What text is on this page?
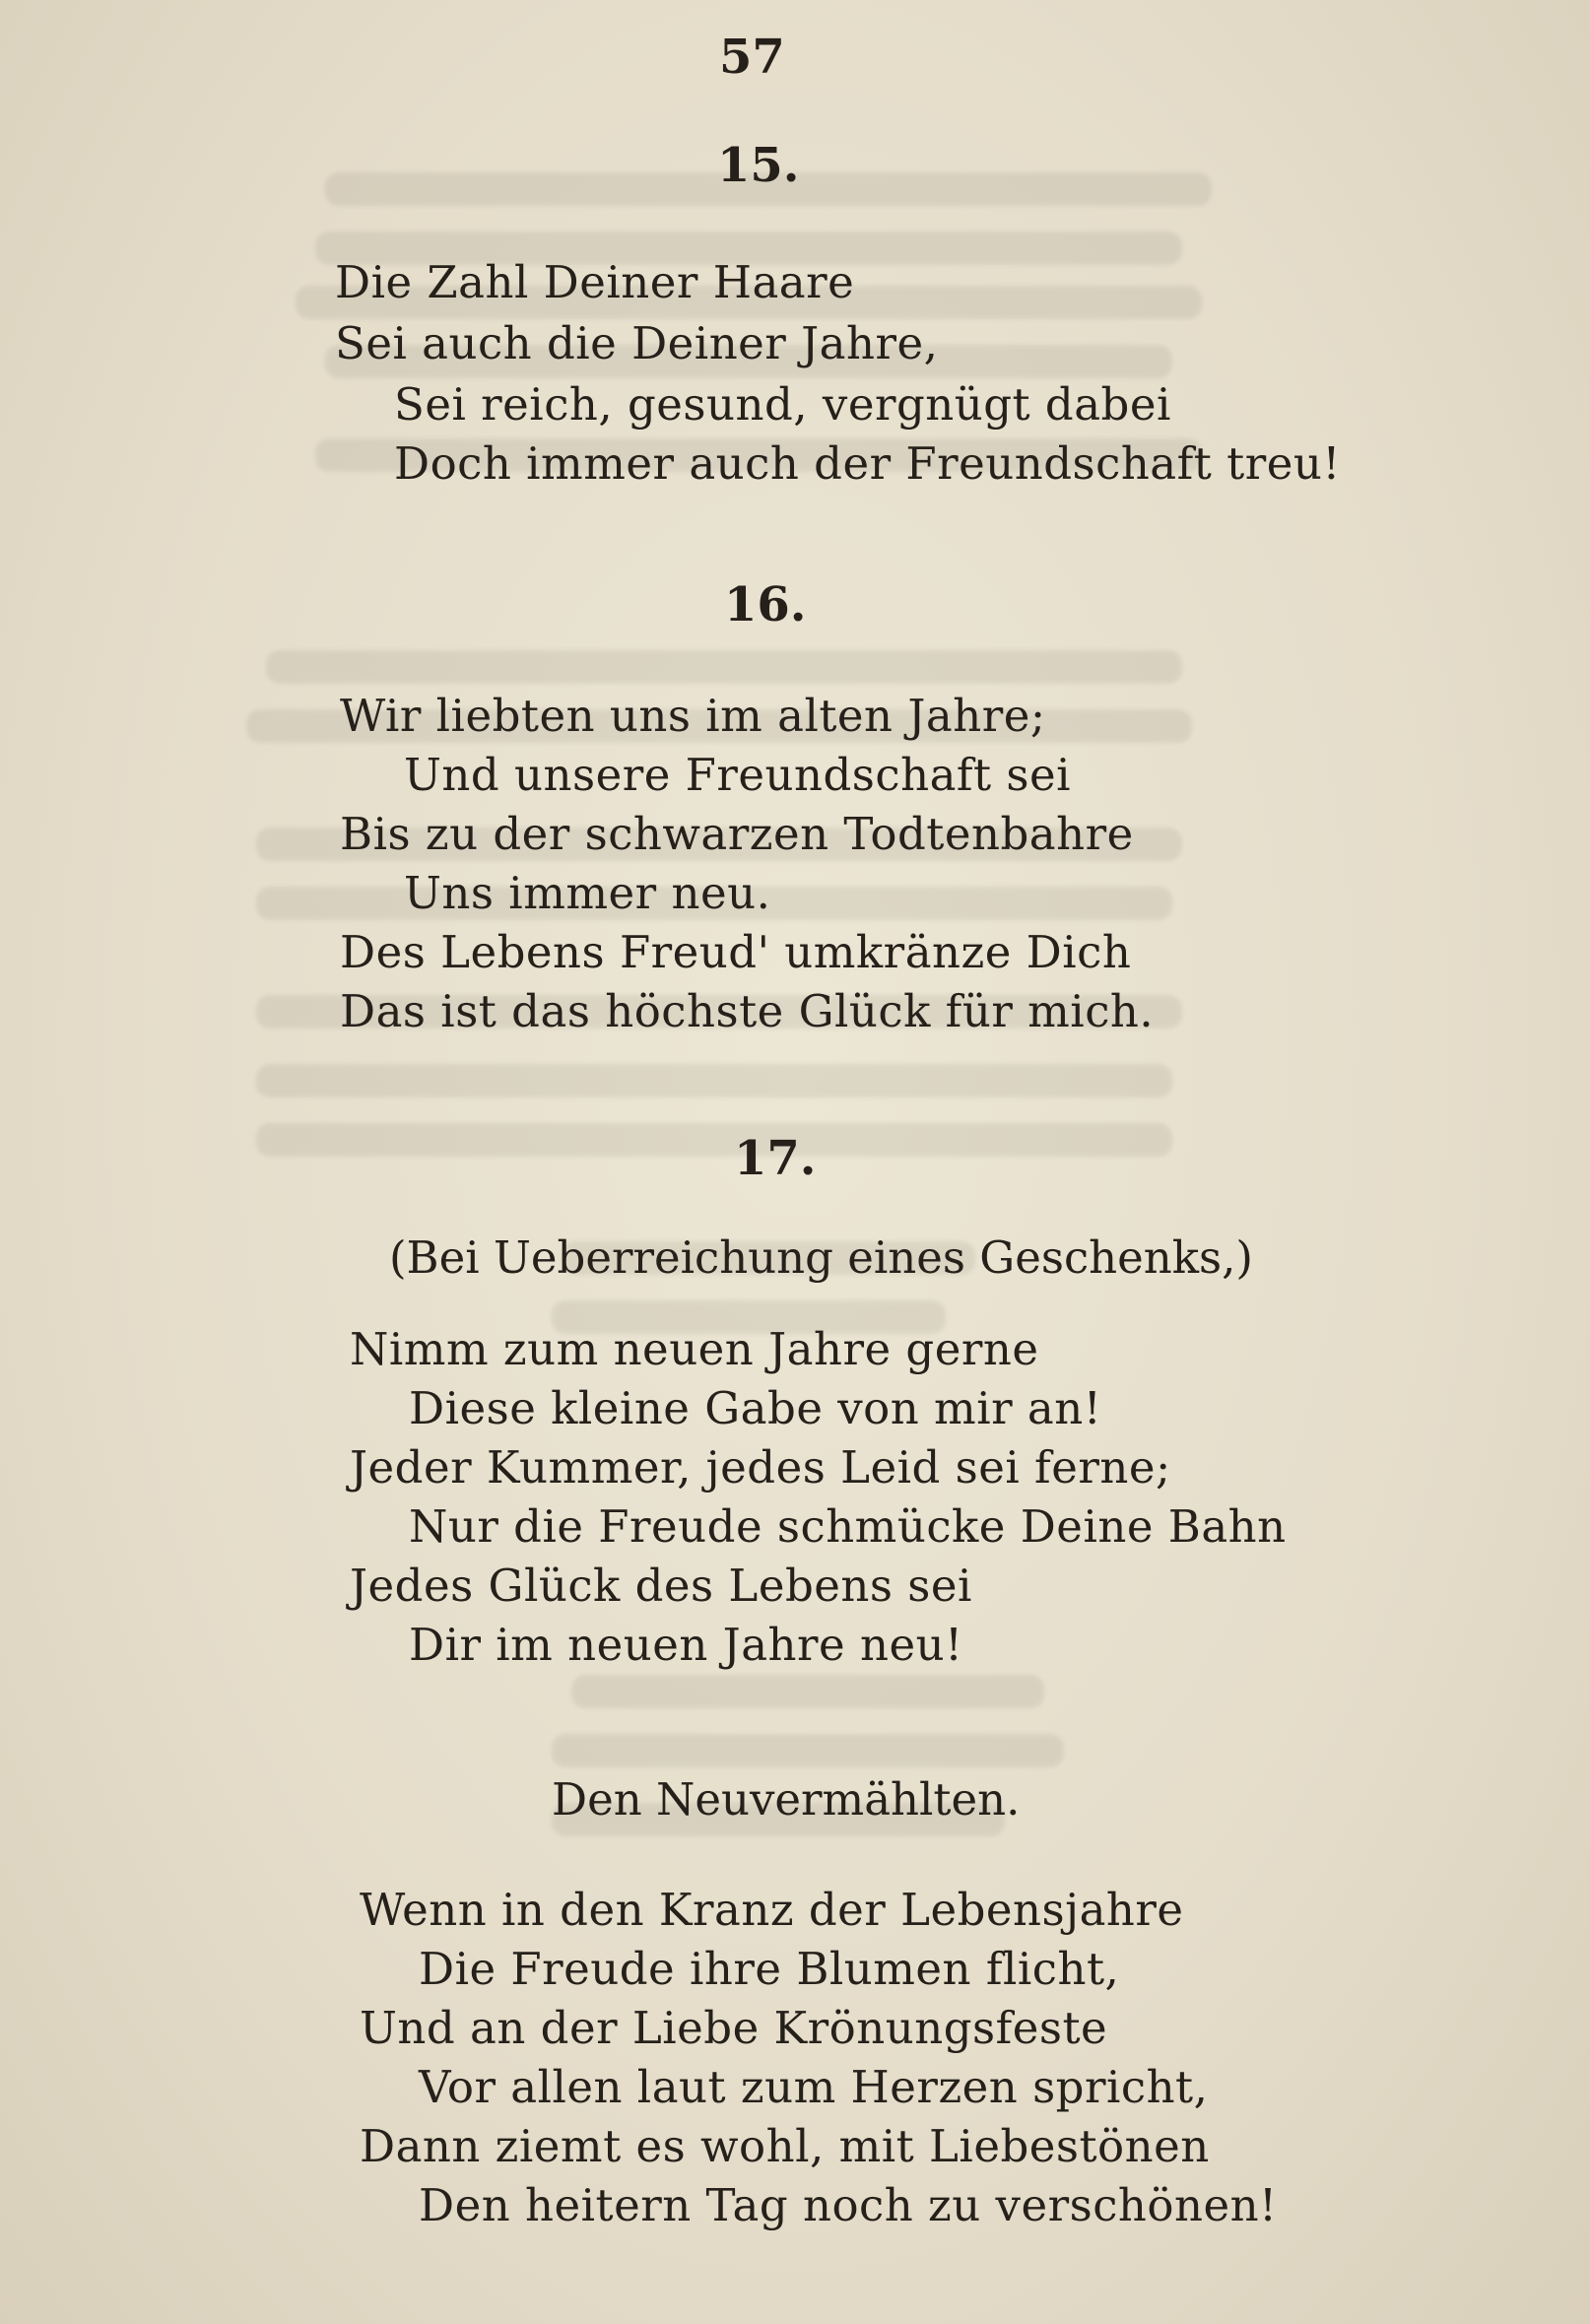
57
15.
Die Zahl Deiner Haare
Sei auch die Deiner Jahre,
Sei reich, gesund, vergnügt dabei
Doch immer auch der Freundschaft treu!
16.
Wir liebten uns im alten Jahre;
Und unsere Freundschaft sei
Bis zu der schwarzen Todtenbahre
Uns immer neu.
Des Lebens Freud' umkränze Dich
Das ist das höchste Glück für mich.
17.
(Bei Ueberreichung eines Geschenks,)
Nimm zum neuen Jahre gerne
Diese kleine Gabe von mir an!
Jeder Kummer, jedes Leid sei ferne;
Nur die Freude schmücke Deine Bahn
Jedes Glück des Lebens sei
Dir im neuen Jahre neu!
Den Neuvermählten.
Wenn in den Kranz der Lebensjahre
Die Freude ihre Blumen flicht,
Und an der Liebe Krönungsfeste
Vor allen laut zum Herzen spricht,
Dann ziemt es wohl, mit Liebestönen
Den heitern Tag noch zu verschönen!
